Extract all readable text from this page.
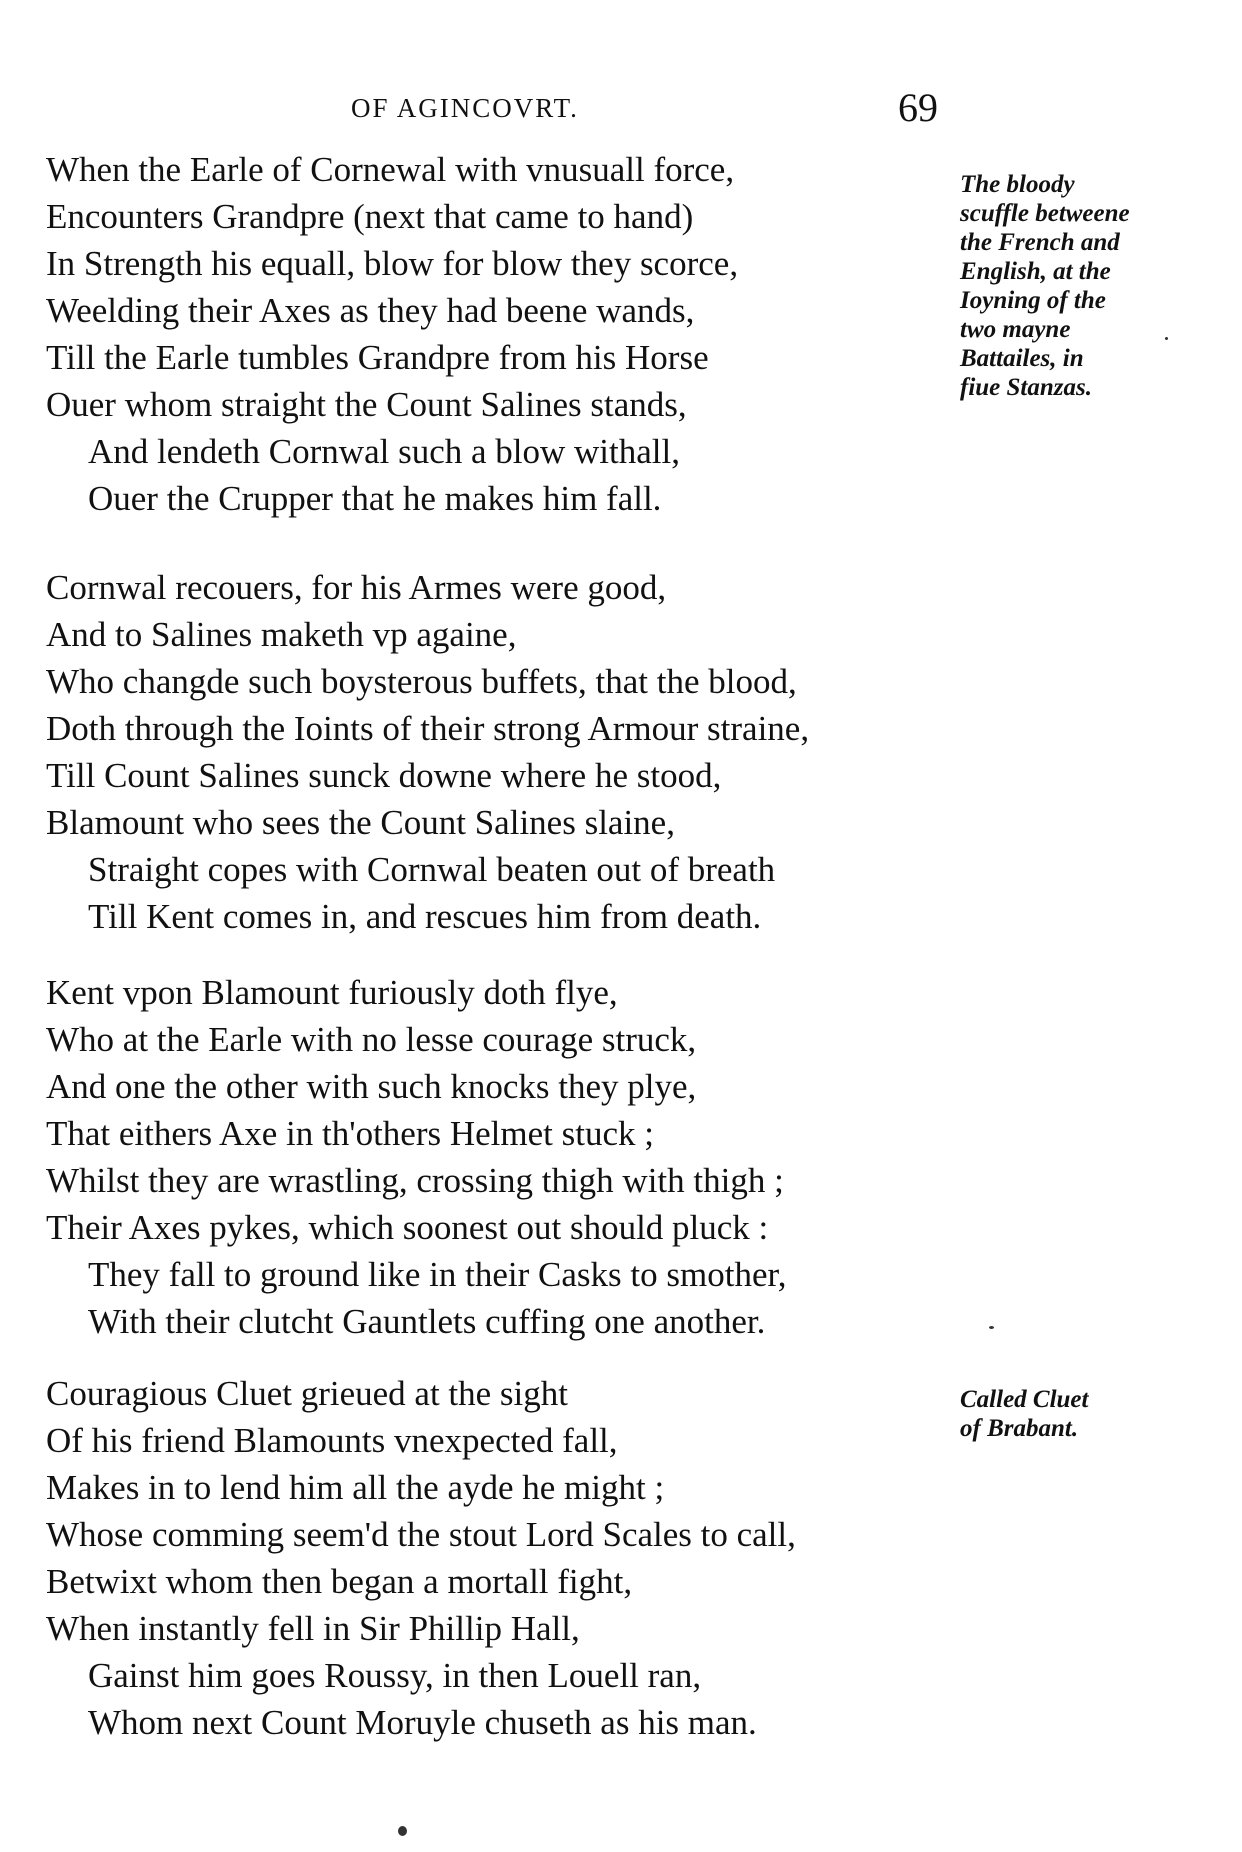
OF AGINCOVRT.	69
When the Earle of Cornewal with vnusuall force,
Encounters Grandpre (next that came to hand)
In Strength his equall, blow for blow they scorce,
Weelding their Axes as they had beene wands,
Till the Earle tumbles Grandpre from his Horse
Ouer whom straight the Count Salines stands,
And lendeth Cornwal such a blow withall,
Ouer the Crupper that he makes him fall.
Cornwal recouers, for his Armes were good,
And to Salines maketh vp againe,
Who changde such boysterous buffets, that the blood,
Doth through the Ioints of their strong Armour straine,
Till Count Salines sunck downe where he stood,
Blamount who sees the Count Salines slaine,
Straight copes with Cornwal beaten out of breath
Till Kent comes in, and rescues him from death.
Kent vpon Blamount furiously doth flye,
Who at the Earle with no lesse courage struck,
And one the other with such knocks they plye,
That eithers Axe in th'others Helmet stuck ;
Whilst they are wrastling, crossing thigh with thigh ;
Their Axes pykes, which soonest out should pluck :
They fall to ground like in their Casks to smother,
With their clutcht Gauntlets cuffing one another.
Couragious Cluet grieued at the sight
Of his friend Blamounts vnexpected fall,
Makes in to lend him all the ayde he might ;
Whose comming seem'd the stout Lord Scales to call,
Betwixt whom then began a mortall fight,
When instantly fell in Sir Phillip Hall,
Gainst him goes Roussy, in then Louell ran,
Whom next Count Moruyle chuseth as his man.
The bloody
scuffle betweene
the French and
English, at the
Ioyning of the
two mayne
Battailes, in
fiue Stanzas.
Called Cluet
of Brabant.
